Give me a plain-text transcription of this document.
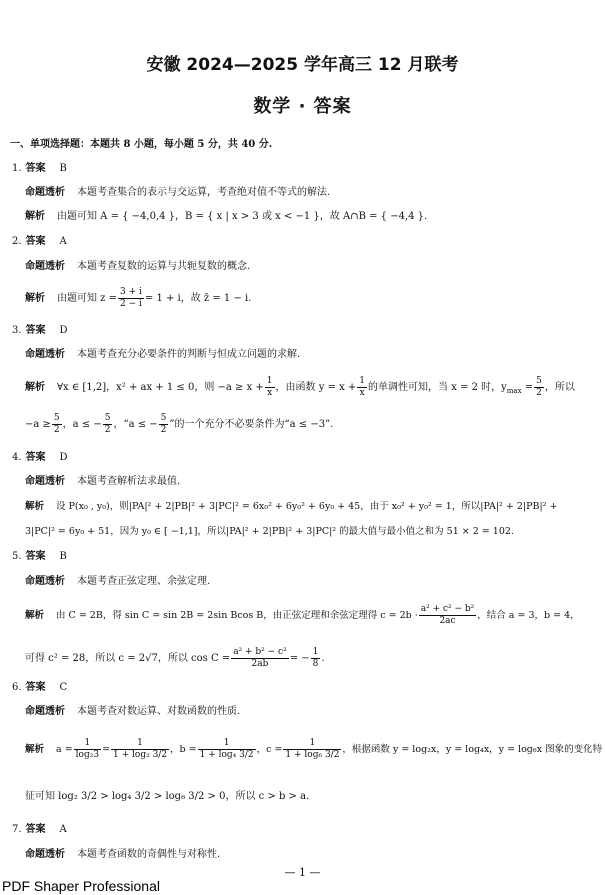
安徽 2024—2025 学年高三 12 月联考
数学 · 答案
一、单项选择题：本题共 8 小题，每小题 5 分，共 40 分.
1. 答案 B
命题透析 本题考查集合的表示与交运算，考查绝对值不等式的解法.
解析 由题可知 A = { −4,0,4 }，B = { x | x > 3 或 x < −1 }，故 A∩B = { −4,4 }.
2. 答案 A
命题透析 本题考查复数的运算与共轭复数的概念.
解析 由题可知 $z = \frac{3 + i}{2 - i} = 1 + i$，故 z̄ = 1 − i.
3. 答案 D
命题透析 本题考查充分必要条件的判断与恒成立问题的求解.
解析 ∀x ∈ [1,2]，x² + ax + 1 ≤ 0，则 $-a \ge x + \frac{1}{x}$ ，由函数 $y = x + \frac{1}{x}$ 的单调性可知，当 x = 2 时，$y_{max} = \frac{5}{2}$ ，所以
$-a \ge \frac{5}{2}$ ，a ≤ − $\frac{5}{2}$ ，“a ≤ − $\frac{5}{2}$ ”的一个充分不必要条件为“a ≤ −3”.
4. 答案 D
命题透析 本题考查解析法求最值.
解析 设 P(x₀ , y₀)，则|PA|² + 2|PB|² + 3|PC|² = 6x₀² + 6y₀² + 6y₀ + 45，由于 x₀² + y₀² = 1，所以|PA|² + 2|PB|² +
3|PC|² = 6y₀ + 51，因为 y₀ ∈ [ −1,1]，所以|PA|² + 2|PB|² + 3|PC|² 的最大值与最小值之和为 51 × 2 = 102.
5. 答案 B
命题透析 本题考查正弦定理、余弦定理.
解析 由 C = 2B，得 sin C = sin 2B = 2sin Bcos B，由正弦定理和余弦定理得 $c = 2b \cdot \frac{\text{a² + c² − b²}}{2ac}$ ，结合 a = 3，b = 4，
可得 c² = 28，所以 c = 2√7，所以 $\cos C = \frac{\text{a² + b² − c²}}{2ab}$ = − $\frac{1}{8}$ .
6. 答案 C
命题透析 本题考查对数运算、对数函数的性质.
解析 $a = \frac{1}{\text{log₂3}} = \frac{1}{\text{1 + log₂ 3/2}}$ ，$b = \frac{1}{\text{1 + log₄ 3/2}}$ ，$c = \frac{1}{\text{1 + log₆ 3/2}}$ ，根据函数 y = log₂x，y = log₄x，y = log₆x 图象的变化特
征可知 log₂ 3/2 > log₄ 3/2 > log₆ 3/2 > 0，所以 c > b > a.
7. 答案 A
命题透析 本题考查函数的奇偶性与对称性.
— 1 —
PDF Shaper Professional
